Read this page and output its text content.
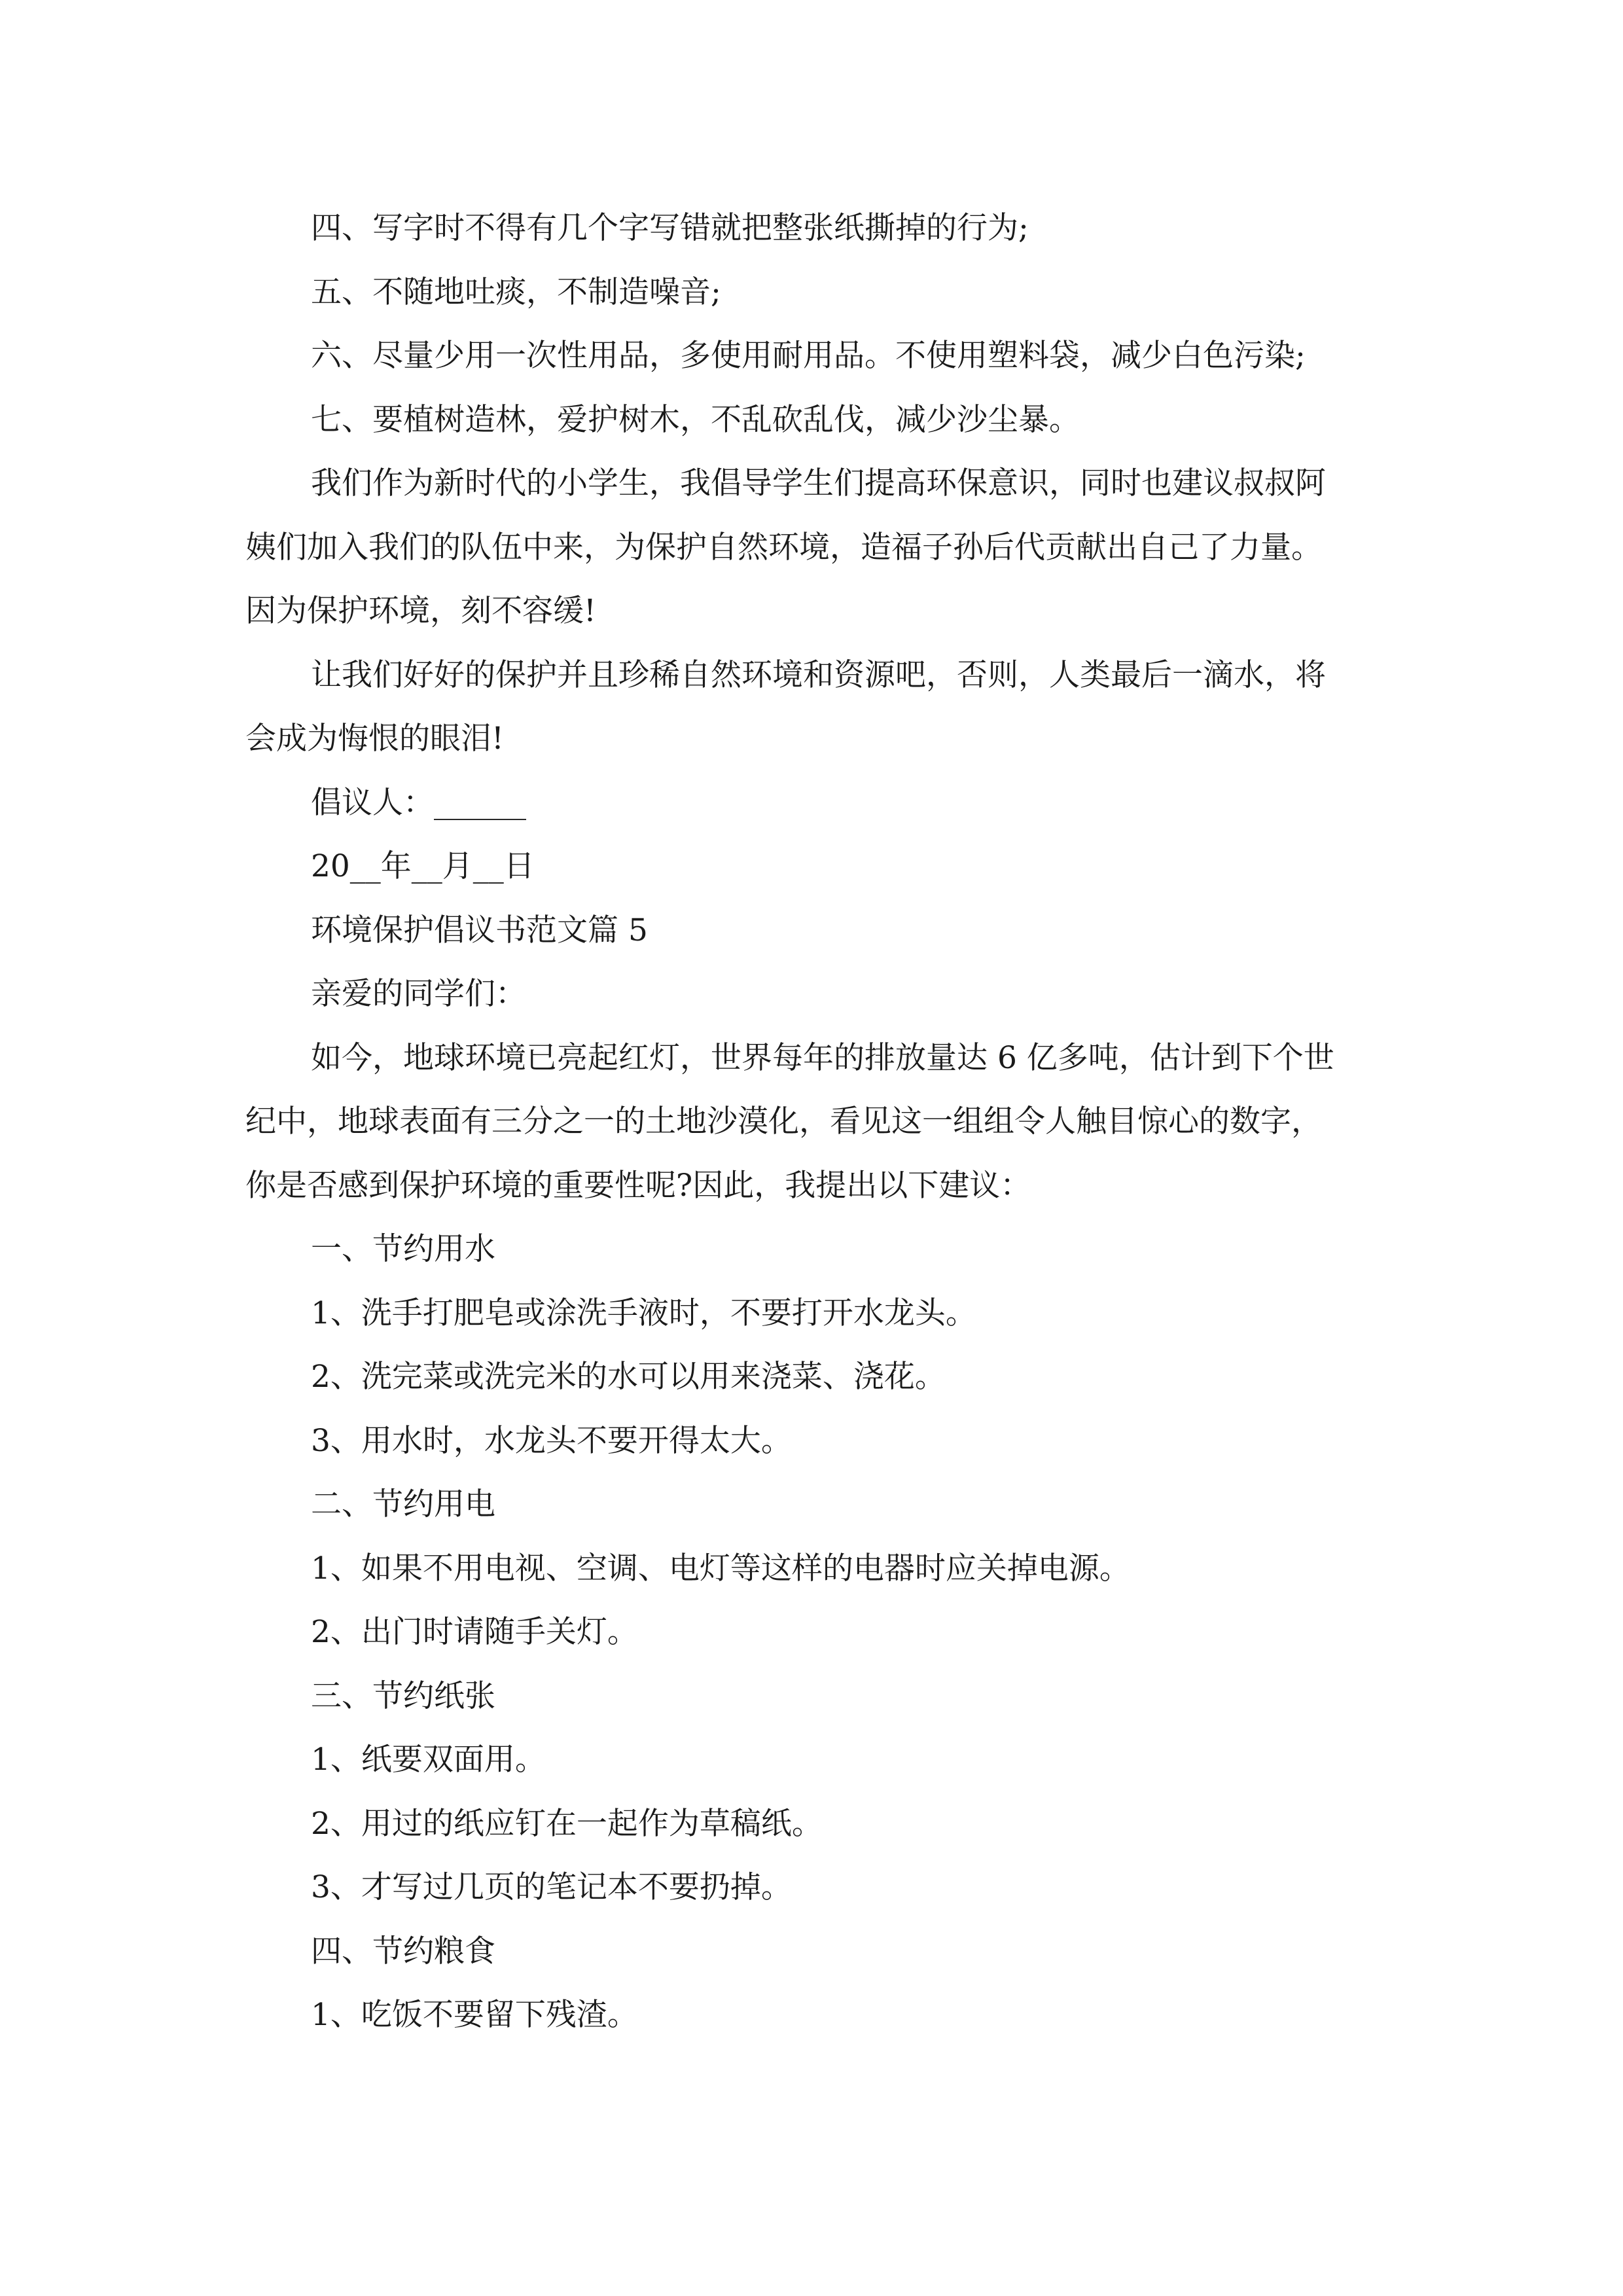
四、写字时不得有几个字写错就把整张纸撕掉的行为;

五、不随地吐痰，不制造噪音;

六、尽量少用一次性用品，多使用耐用品。不使用塑料袋，减少白色污染;

七、要植树造林，爱护树木，不乱砍乱伐，减少沙尘暴。

我们作为新时代的小学生，我倡导学生们提高环保意识，同时也建议叔叔阿

姨们加入我们的队伍中来，为保护自然环境，造福子孙后代贡献出自己了力量。

因为保护环境，刻不容缓!

让我们好好的保护并且珍稀自然环境和资源吧，否则，人类最后一滴水，将

会成为悔恨的眼泪!

倡议人：______

20__年__月__日

环境保护倡议书范文篇 5

亲爱的同学们：

如今，地球环境已亮起红灯，世界每年的排放量达 6 亿多吨，估计到下个世

纪中，地球表面有三分之一的土地沙漠化，看见这一组组令人触目惊心的数字，

你是否感到保护环境的重要性呢?因此，我提出以下建议：

一、节约用水

1、洗手打肥皂或涂洗手液时，不要打开水龙头。

2、洗完菜或洗完米的水可以用来浇菜、浇花。

3、用水时，水龙头不要开得太大。

二、节约用电

1、如果不用电视、空调、电灯等这样的电器时应关掉电源。

2、出门时请随手关灯。

三、节约纸张

1、纸要双面用。

2、用过的纸应钉在一起作为草稿纸。

3、才写过几页的笔记本不要扔掉。

四、节约粮食

1、吃饭不要留下残渣。
